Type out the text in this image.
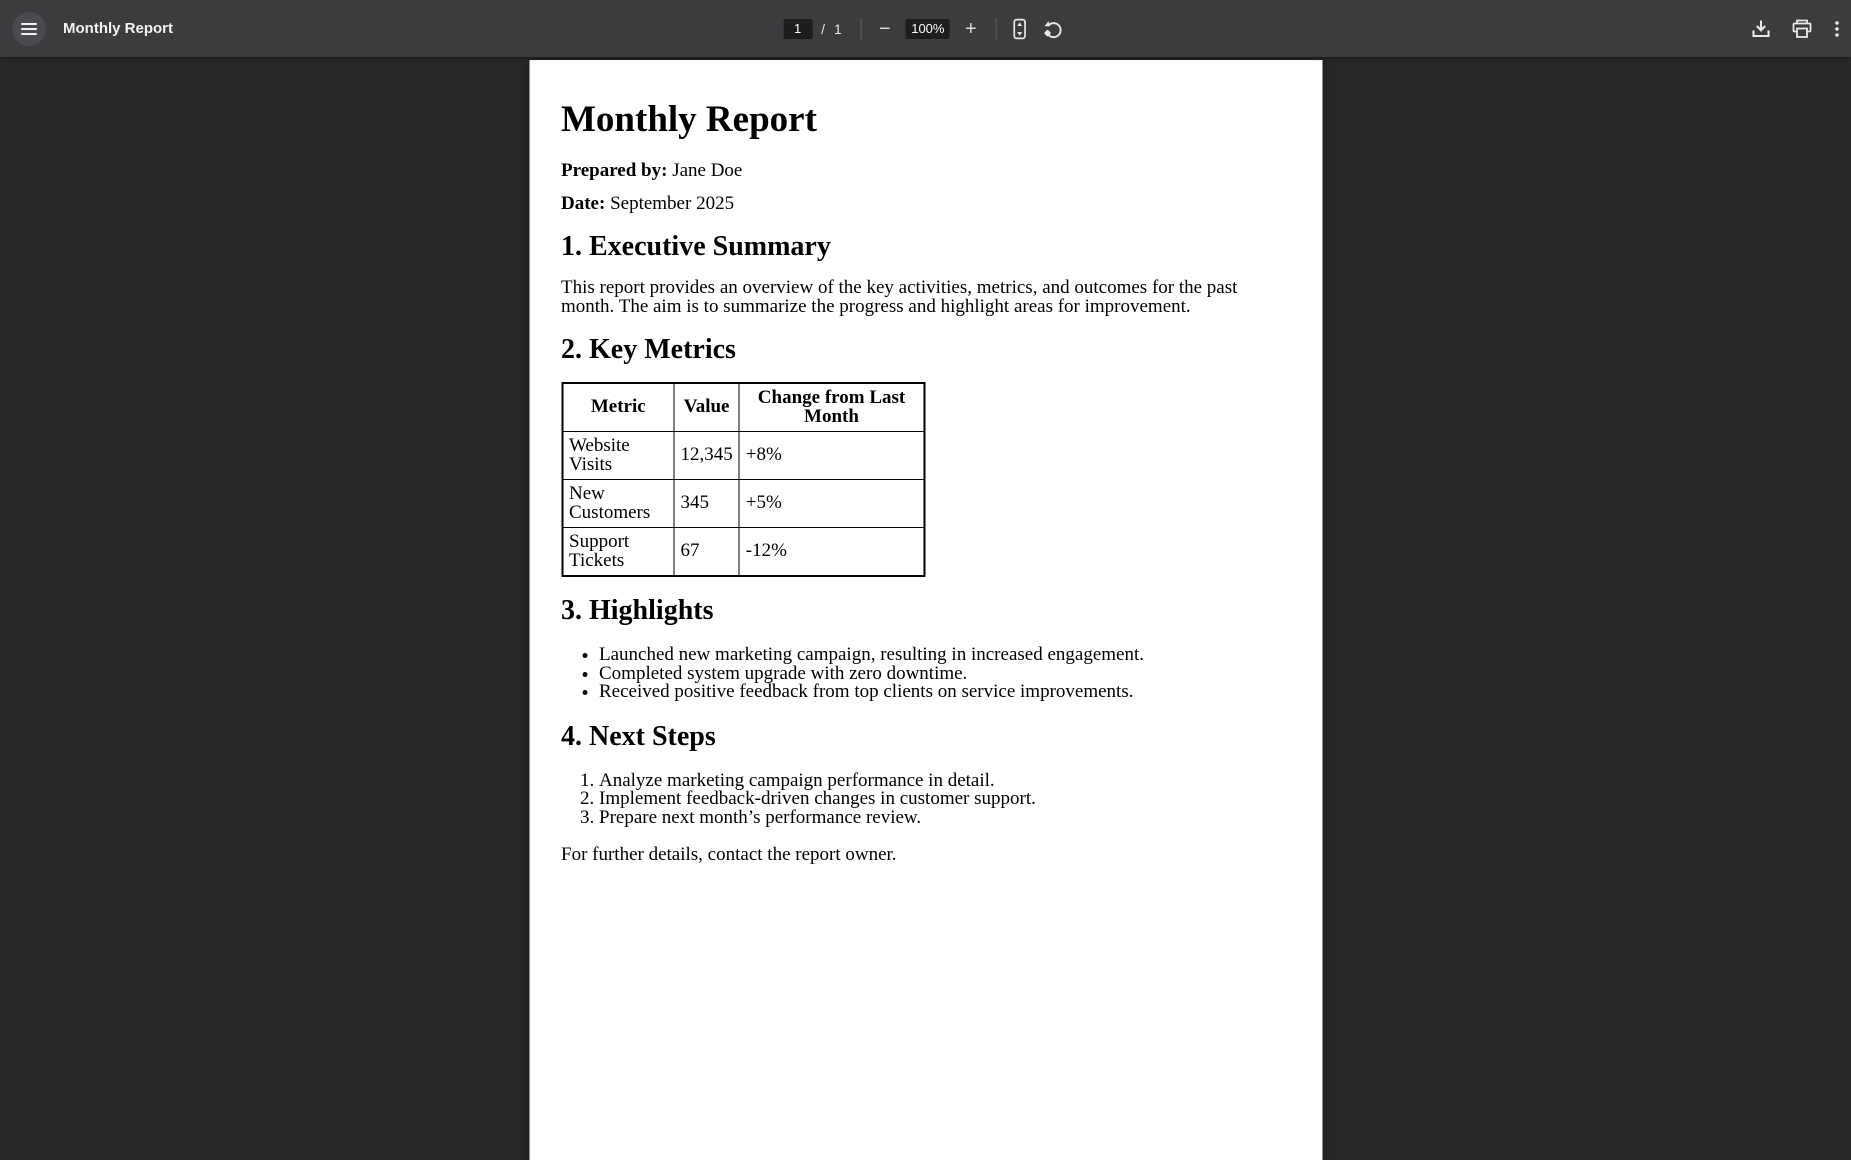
Monthly Report
1	/ 1 − 100% +
Monthly Report

Prepared by: Jane Doe

Date: September 2025

1. Executive Summary

This report provides an overview of the key activities, metrics, and outcomes for the past month. The aim is to summarize the progress and highlight areas for improvement.

2. Key Metrics
Metric	Value	Change from Last Month
Website Visits	12,345	+8%
New Customers	345	+5%
Support Tickets	67	-12%
3. Highlights
• Launched new marketing campaign, resulting in increased engagement.
• Completed system upgrade with zero downtime.
• Received positive feedback from top clients on service improvements.
4. Next Steps
1. Analyze marketing campaign performance in detail.
2. Implement feedback-driven changes in customer support.
3. Prepare next month’s performance review.

For further details, contact the report owner.
